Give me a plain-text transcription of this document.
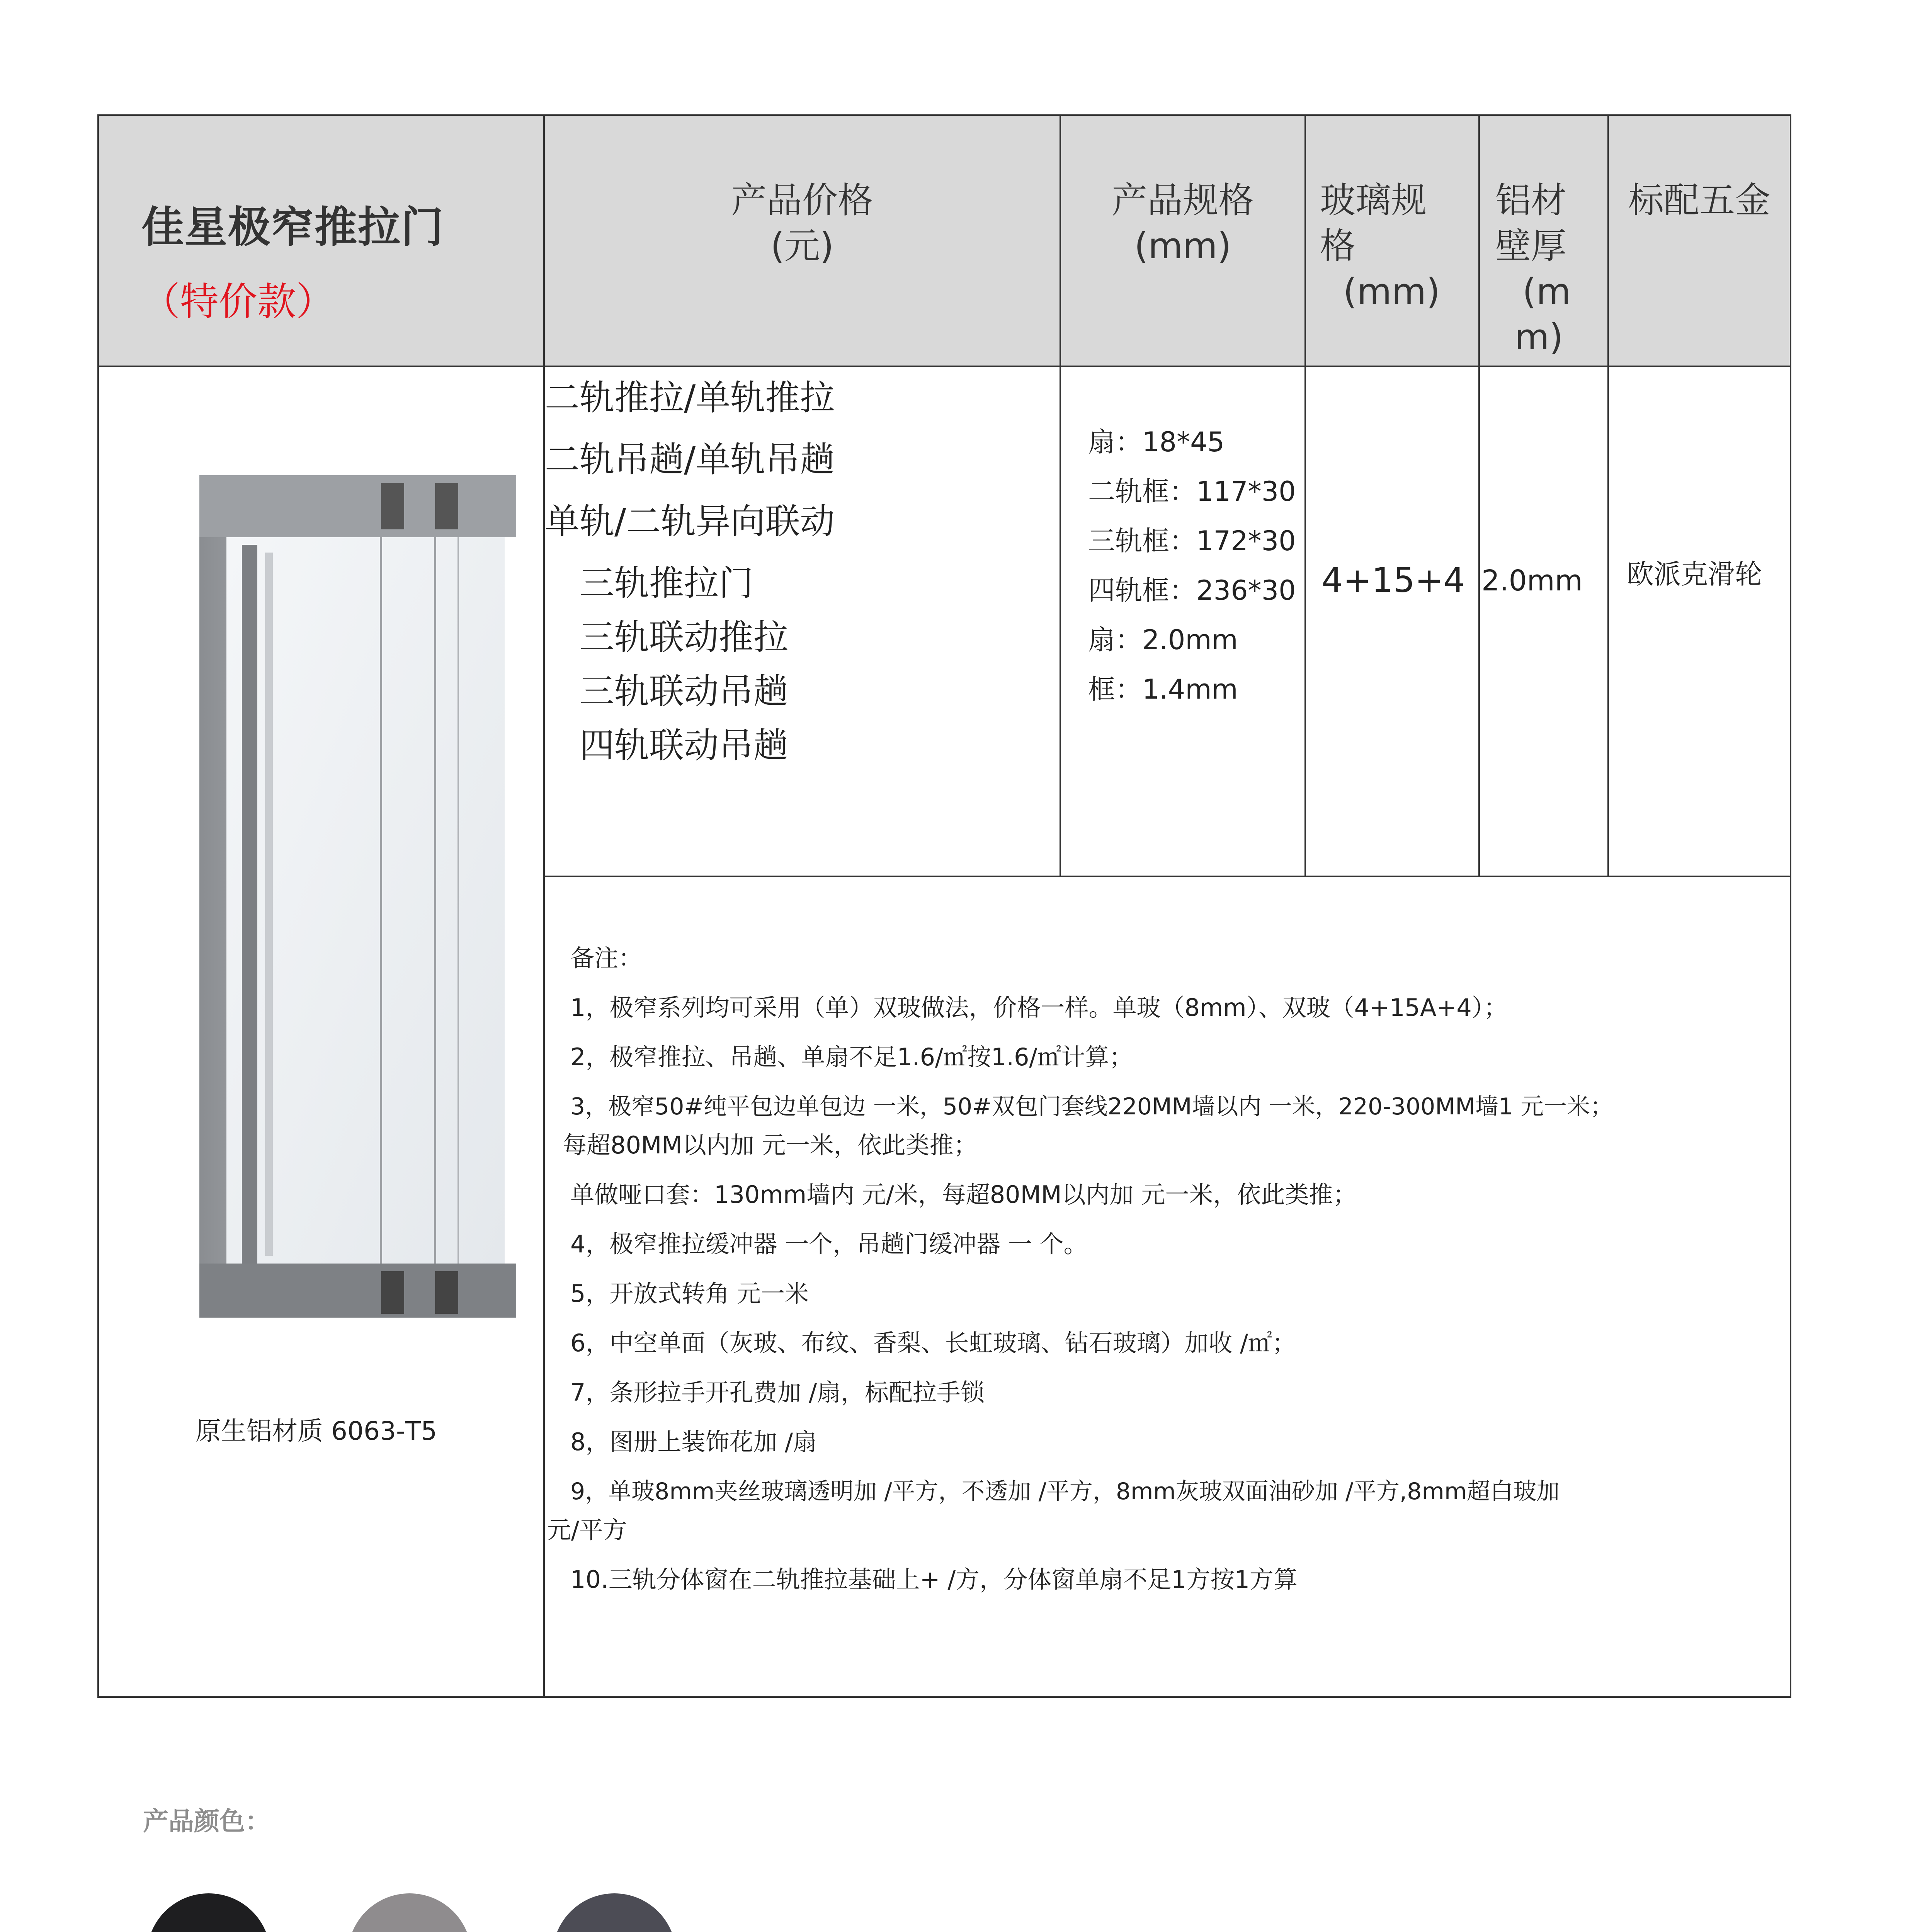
佳星极窄推拉门
（特价款）
产品价格
(元)
产品规格
(mm)
玻璃规
格
(mm)
铝材
壁厚
(m
m)
标配五金
原生铝材质 6063-T5
二轨推拉/单轨推拉
二轨吊趟/单轨吊趟
单轨/二轨异向联动
三轨推拉门
三轨联动推拉
三轨联动吊趟
四轨联动吊趟
扇：18*45
二轨框：117*30
三轨框：172*30
四轨框：236*30
扇：2.0mm
框：1.4mm
4+15+4 2.0mm 欧派克滑轮
备注：
1，极窄系列均可采用（单）双玻做法，价格一样。单玻（8mm）、双玻（4+15A+4）；
2，极窄推拉、吊趟、单扇不足1.6/㎡按1.6/㎡计算；
3，极窄50#纯平包边单包边 一米，50#双包门套线220MM墙以内 一米，220-300MM墙1 元一米；
每超80MM以内加 元一米，依此类推；
单做哑口套：130mm墙内 元/米，每超80MM以内加 元一米，依此类推；
4，极窄推拉缓冲器 一个，吊趟门缓冲器 一 个。
5，开放式转角 元一米
6，中空单面（灰玻、布纹、香梨、长虹玻璃、钻石玻璃）加收 /㎡；
7，条形拉手开孔费加 /扇，标配拉手锁
8，图册上装饰花加 /扇
9，单玻8mm夹丝玻璃透明加 /平方，不透加 /平方，8mm灰玻双面油砂加 /平方,8mm超白玻加
元/平方
10.三轨分体窗在二轨推拉基础上+ /方，分体窗单扇不足1方按1方算
产品颜色：
